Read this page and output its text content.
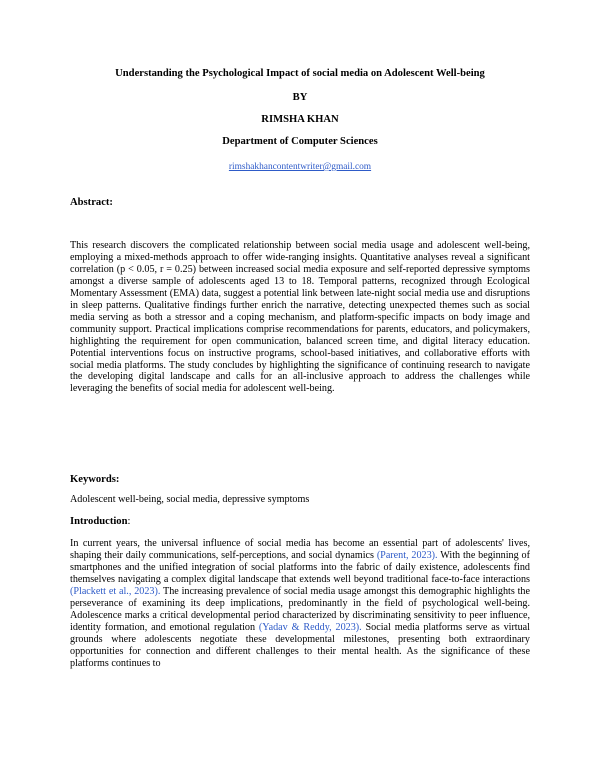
Understanding the Psychological Impact of social media on Adolescent Well-being
BY
RIMSHA KHAN
Department of Computer Sciences
rimshakhancontentwriter@gmail.com
Abstract:

This research discovers the complicated relationship between social media usage and adolescent well-being, employing a mixed-methods approach to offer wide-ranging insights. Quantitative analyses reveal a significant correlation (p < 0.05, r = 0.25) between increased social media exposure and self-reported depressive symptoms amongst a diverse sample of adolescents aged 13 to 18. Temporal patterns, recognized through Ecological Momentary Assessment (EMA) data, suggest a potential link between late-night social media use and disruptions in sleep patterns. Qualitative findings further enrich the narrative, detecting unexpected themes such as social media serving as both a stressor and a coping mechanism, and platform-specific impacts on body image and community support. Practical implications comprise recommendations for parents, educators, and policymakers, highlighting the requirement for open communication, balanced screen time, and digital literacy education. Potential interventions focus on instructive programs, school-based initiatives, and collaborative efforts with social media platforms. The study concludes by highlighting the significance of continuing research to navigate the developing digital landscape and calls for an all-inclusive approach to address the challenges while leveraging the benefits of social media for adolescent well-being.

Keywords:

Adolescent well-being, social media, depressive symptoms

Introduction:

In current years, the universal influence of social media has become an essential part of adolescents' lives, shaping their daily communications, self-perceptions, and social dynamics (Parent, 2023). With the beginning of smartphones and the unified integration of social platforms into the fabric of daily existence, adolescents find themselves navigating a complex digital landscape that extends well beyond traditional face-to-face interactions (Plackett et al., 2023). The increasing prevalence of social media usage amongst this demographic highlights the perseverance of examining its deep implications, predominantly in the field of psychological well-being. Adolescence marks a critical developmental period characterized by discriminating sensitivity to peer influence, identity formation, and emotional regulation (Yadav & Reddy, 2023). Social media platforms serve as virtual grounds where adolescents negotiate these developmental milestones, presenting both extraordinary opportunities for connection and different challenges to their mental health. As the significance of these platforms continues to
